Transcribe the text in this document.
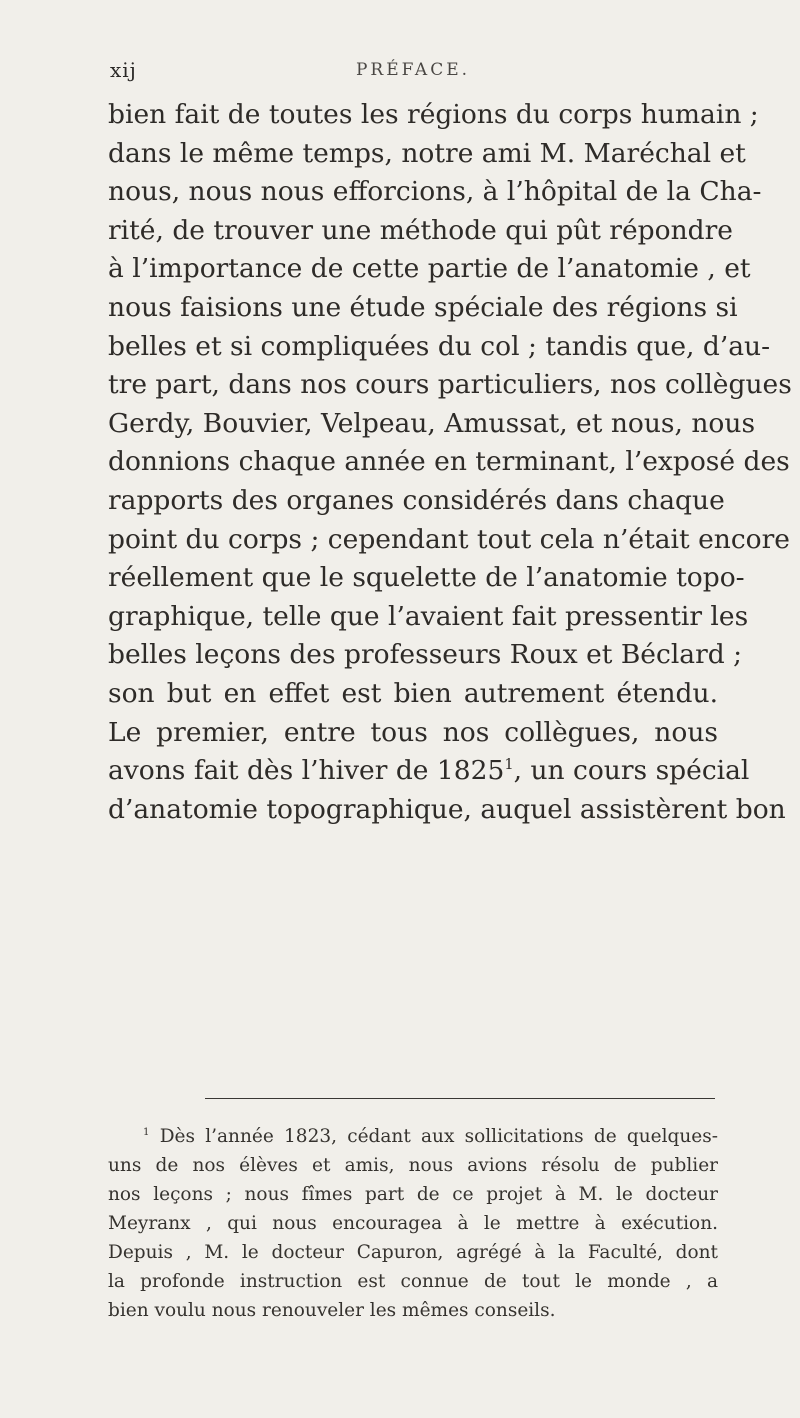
xij	PRÉFACE.
bien fait de toutes les régions du corps humain ;
dans le même temps, notre ami M. Maréchal et
nous, nous nous efforcions, à l’hôpital de la Cha-
rité, de trouver une méthode qui pût répondre
à l’importance de cette partie de l’anatomie , et
nous faisions une étude spéciale des régions si
belles et si compliquées du col ; tandis que, d’au-
tre part, dans nos cours particuliers, nos collègues
Gerdy, Bouvier, Velpeau, Amussat, et nous, nous
donnions chaque année en terminant, l’exposé des
rapports des organes considérés dans chaque
point du corps ; cependant tout cela n’était encore
réellement que le squelette de l’anatomie topo-
graphique, telle que l’avaient fait pressentir les
belles leçons des professeurs Roux et Béclard ;
son but en effet est bien autrement étendu.
Le premier, entre tous nos collègues, nous
avons fait dès l’hiver de 1825$^1$, un cours spécial
d’anatomie topographique, auquel assistèrent bon
$^1$ Dès l’année 1823, cédant aux sollicitations de quelques-
uns de nos élèves et amis, nous avions résolu de publier
nos leçons ; nous fîmes part de ce projet à M. le docteur
Meyranx , qui nous encouragea à le mettre à exécution.
Depuis , M. le docteur Capuron, agrégé à la Faculté, dont
la profonde instruction est connue de tout le monde , a
bien voulu nous renouveler les mêmes conseils.
